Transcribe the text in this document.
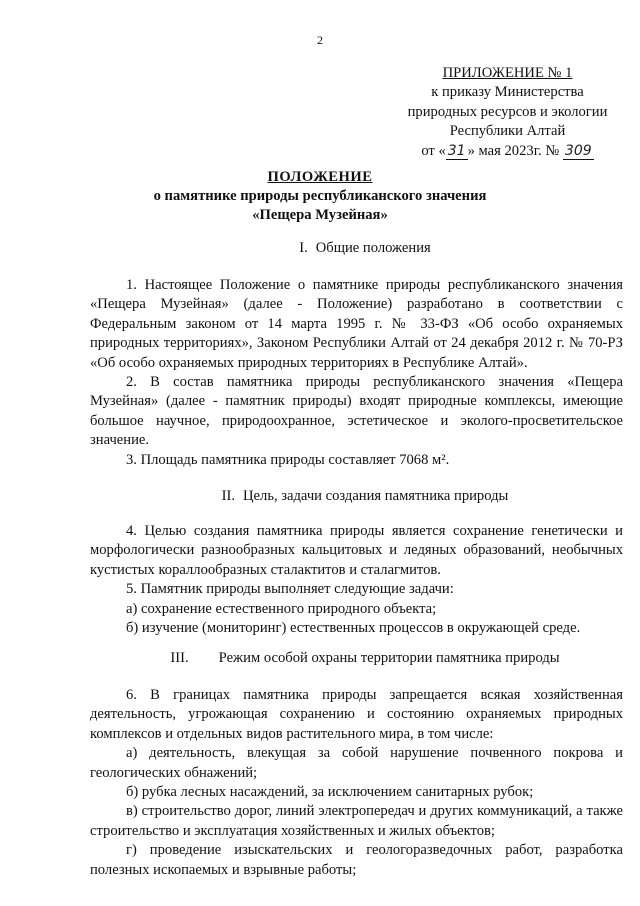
2
ПРИЛОЖЕНИЕ № 1
к приказу Министерства
природных ресурсов и экологии
Республики Алтай
от « 31 » мая 2023г. № 309
ПОЛОЖЕНИЕ
о памятнике природы республиканского значения
«Пещера Музейная»
I. Общие положения

1. Настоящее Положение о памятнике природы республиканского значения «Пещера Музейная» (далее - Положение) разработано в соответствии с Федеральным законом от 14 марта 1995 г. № 33-ФЗ «Об особо охраняемых природных территориях», Законом Республики Алтай от 24 декабря 2012 г. № 70-РЗ «Об особо охраняемых природных территориях в Республике Алтай».

2. В состав памятника природы республиканского значения «Пещера Музейная» (далее - памятник природы) входят природные комплексы, имеющие большое научное, природоохранное, эстетическое и эколого-просветительское значение.

3. Площадь памятника природы составляет 7068 м².

II. Цель, задачи создания памятника природы

4. Целью создания памятника природы является сохранение генетически и морфологически разнообразных кальцитовых и ледяных образований, необычных кустистых кораллообразных сталактитов и сталагмитов.

5. Памятник природы выполняет следующие задачи:

а) сохранение естественного природного объекта;

б) изучение (мониторинг) естественных процессов в окружающей среде.

III. Режим особой охраны территории памятника природы

6. В границах памятника природы запрещается всякая хозяйственная деятельность, угрожающая сохранению и состоянию охраняемых природных комплексов и отдельных видов растительного мира, в том числе:

а) деятельность, влекущая за собой нарушение почвенного покрова и геологических обнажений;

б) рубка лесных насаждений, за исключением санитарных рубок;

в) строительство дорог, линий электропередач и других коммуникаций, а также строительство и эксплуатация хозяйственных и жилых объектов;

г) проведение изыскательских и геологоразведочных работ, разработка полезных ископаемых и взрывные работы;
